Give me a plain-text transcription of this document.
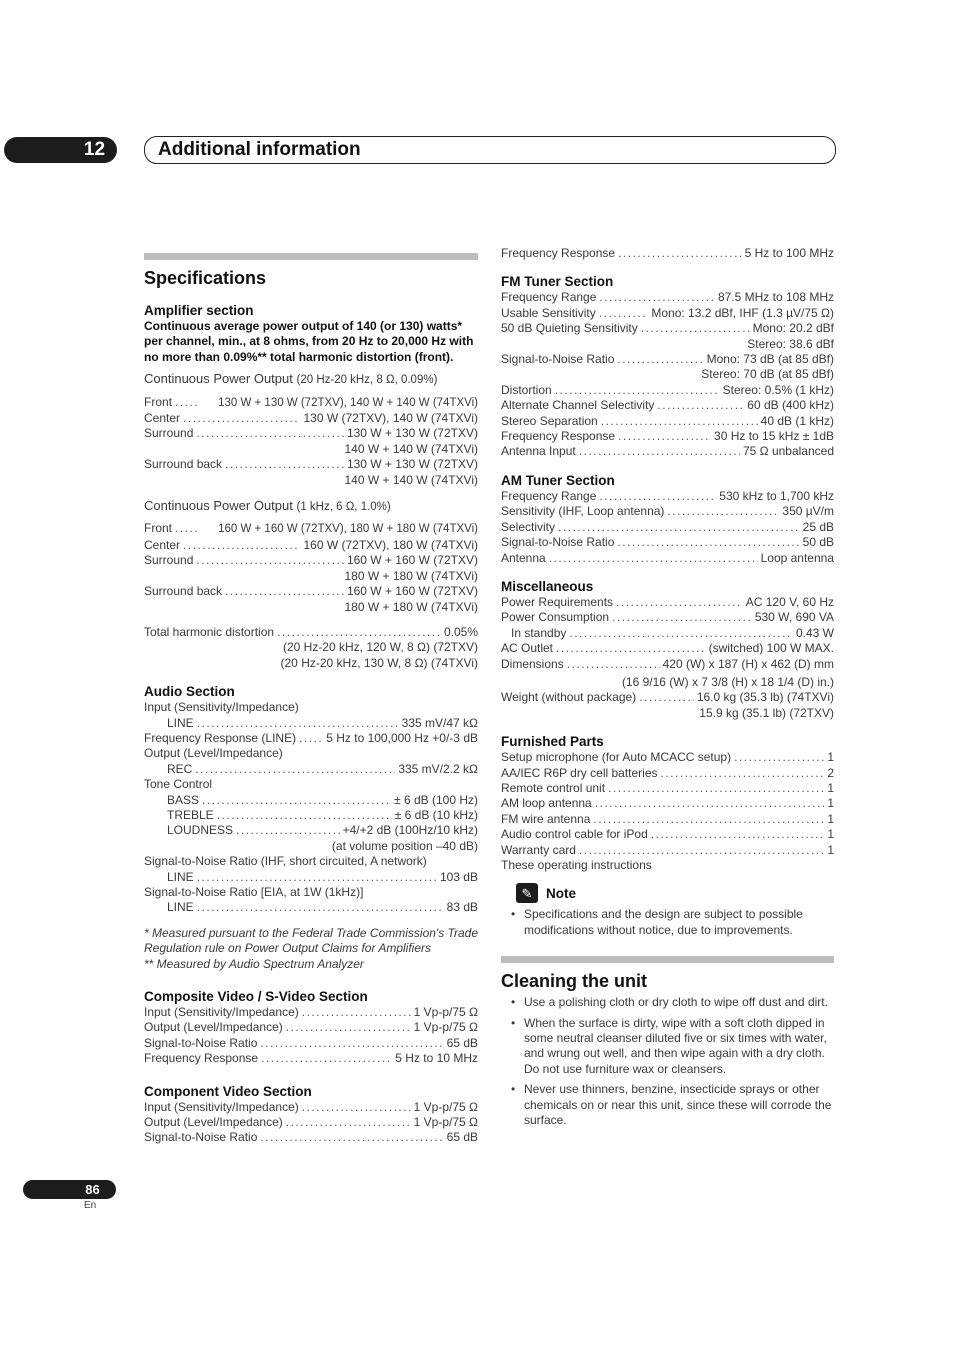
12	Additional information
Specifications
Amplifier section
Continuous average power output of 140 (or 130) watts* per channel, min., at 8 ohms, from 20 Hz to 20,000 Hz with no more than 0.09%** total harmonic distortion (front).
Continuous Power Output (20 Hz-20 kHz, 8 Ω, 0.09%)
Front .....	130 W + 130 W (72TXV), 140 W + 140 W (74TXVi)
Center .....	130 W (72TXV), 140 W (74TXVi)
Surround .....	130 W + 130 W (72TXV)
140 W + 140 W (74TXVi)
Surround back .....	130 W + 130 W (72TXV)
140 W + 140 W (74TXVi)
Continuous Power Output (1 kHz, 6 Ω, 1.0%)
Front .....	160 W + 160 W (72TXV), 180 W + 180 W (74TXVi)
Center .....	160 W (72TXV), 180 W (74TXVi)
Surround .....	160 W + 160 W (72TXV)
180 W + 180 W (74TXVi)
Surround back .....	160 W + 160 W (72TXV)
180 W + 180 W (74TXVi)
Total harmonic distortion .....	0.05%
(20 Hz-20 kHz, 120 W, 8 Ω) (72TXV)
(20 Hz-20 kHz, 130 W, 8 Ω) (74TXVi)
Audio Section
Input (Sensitivity/Impedance)
LINE .....	335 mV/47 kΩ
Frequency Response (LINE) .....	5 Hz to 100,000 Hz +0/-3 dB
Output (Level/Impedance)
REC .....	335 mV/2.2 kΩ
Tone Control
BASS .....	± 6 dB (100 Hz)
TREBLE .....	± 6 dB (10 kHz)
LOUDNESS .....	+4/+2 dB (100Hz/10 kHz)
(at volume position –40 dB)
Signal-to-Noise Ratio (IHF, short circuited, A network)
LINE .....	103 dB
Signal-to-Noise Ratio [EIA, at 1W (1kHz)]
LINE .....	83 dB
* Measured pursuant to the Federal Trade Commission's Trade Regulation rule on Power Output Claims for Amplifiers
** Measured by Audio Spectrum Analyzer
Composite Video / S-Video Section
Input (Sensitivity/Impedance) .....	1 Vp-p/75 Ω
Output (Level/Impedance) .....	1 Vp-p/75 Ω
Signal-to-Noise Ratio .....	65 dB
Frequency Response .....	5 Hz to 10 MHz
Component Video Section
Input (Sensitivity/Impedance) .....	1 Vp-p/75 Ω
Output (Level/Impedance) .....	1 Vp-p/75 Ω
Signal-to-Noise Ratio .....	65 dB
Frequency Response .....	5 Hz to 100 MHz
FM Tuner Section
Frequency Range .....	87.5 MHz to 108 MHz
Usable Sensitivity .....	Mono: 13.2 dBf, IHF (1.3 µV/75 Ω)
50 dB Quieting Sensitivity .....	Mono: 20.2 dBf
Stereo: 38.6 dBf
Signal-to-Noise Ratio .....	Mono: 73 dB (at 85 dBf)
Stereo: 70 dB (at 85 dBf)
Distortion .....	Stereo: 0.5% (1 kHz)
Alternate Channel Selectivity .....	60 dB (400 kHz)
Stereo Separation .....	40 dB (1 kHz)
Frequency Response .....	30 Hz to 15 kHz ± 1dB
Antenna Input .....	75 Ω unbalanced
AM Tuner Section
Frequency Range .....	530 kHz to 1,700 kHz
Sensitivity (IHF, Loop antenna) .....	350 µV/m
Selectivity .....	25 dB
Signal-to-Noise Ratio .....	50 dB
Antenna .....	Loop antenna
Miscellaneous
Power Requirements .....	AC 120 V, 60 Hz
Power Consumption .....	530 W, 690 VA
In standby .....	0.43 W
AC Outlet .....	(switched) 100 W MAX.
Dimensions .....	420 (W) x 187 (H) x 462 (D) mm
(16 9/16 (W) x 7 3/8 (H) x 18 1/4 (D) in.)
Weight (without package) .....	16.0 kg (35.3 lb) (74TXVi)
15.9 kg (35.1 lb) (72TXV)
Furnished Parts
Setup microphone (for Auto MCACC setup) .....	1
AA/IEC R6P dry cell batteries .....	2
Remote control unit .....	1
AM loop antenna .....	1
FM wire antenna .....	1
Audio control cable for iPod .....	1
Warranty card .....	1
These operating instructions
✎	Note
• Specifications and the design are subject to possible modifications without notice, due to improvements.
Cleaning the unit
• Use a polishing cloth or dry cloth to wipe off dust and dirt.
• When the surface is dirty, wipe with a soft cloth dipped in some neutral cleanser diluted five or six times with water, and wrung out well, and then wipe again with a dry cloth. Do not use furniture wax or cleansers.
• Never use thinners, benzine, insecticide sprays or other chemicals on or near this unit, since these will corrode the surface.
86
En
